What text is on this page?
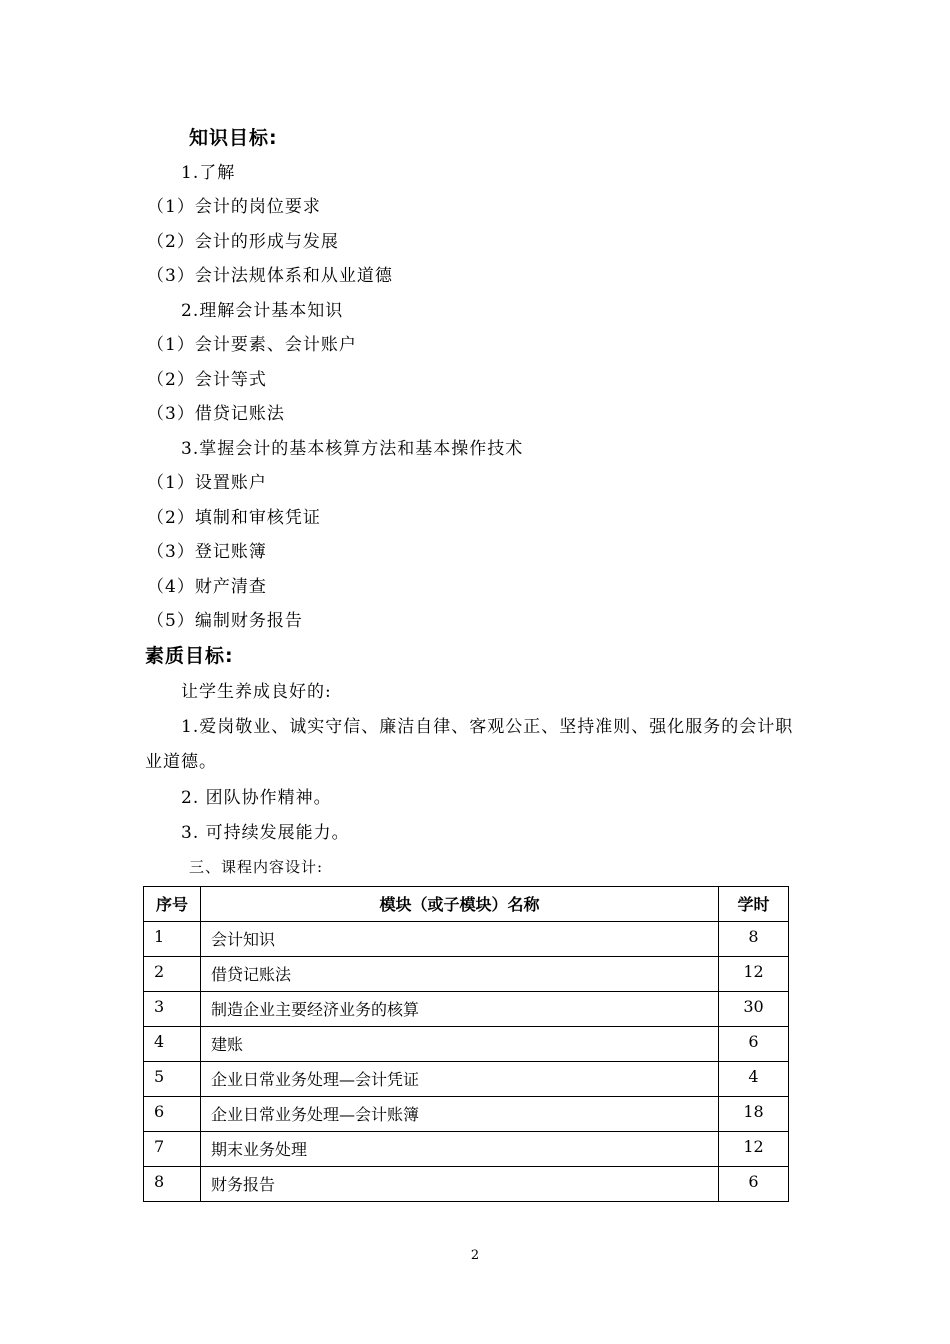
知识目标:
1.了解
（1）会计的岗位要求
（2）会计的形成与发展
（3）会计法规体系和从业道德
2.理解会计基本知识
（1）会计要素、会计账户
（2）会计等式
（3）借贷记账法
3.掌握会计的基本核算方法和基本操作技术
（1）设置账户
（2）填制和审核凭证
（3）登记账簿
（4）财产清查
（5）编制财务报告
素质目标:
让学生养成良好的:
1.爱岗敬业、诚实守信、廉洁自律、客观公正、坚持准则、强化服务的会计职
业道德。
2. 团队协作精神。
3. 可持续发展能力。
三、课程内容设计:
序号	模块（或子模块）名称	学时
1	会计知识	8
2	借贷记账法	12
3	制造企业主要经济业务的核算	30
4	建账	6
5	企业日常业务处理—会计凭证	4
6	企业日常业务处理—会计账簿	18
7	期末业务处理	12
8	财务报告	6
2
